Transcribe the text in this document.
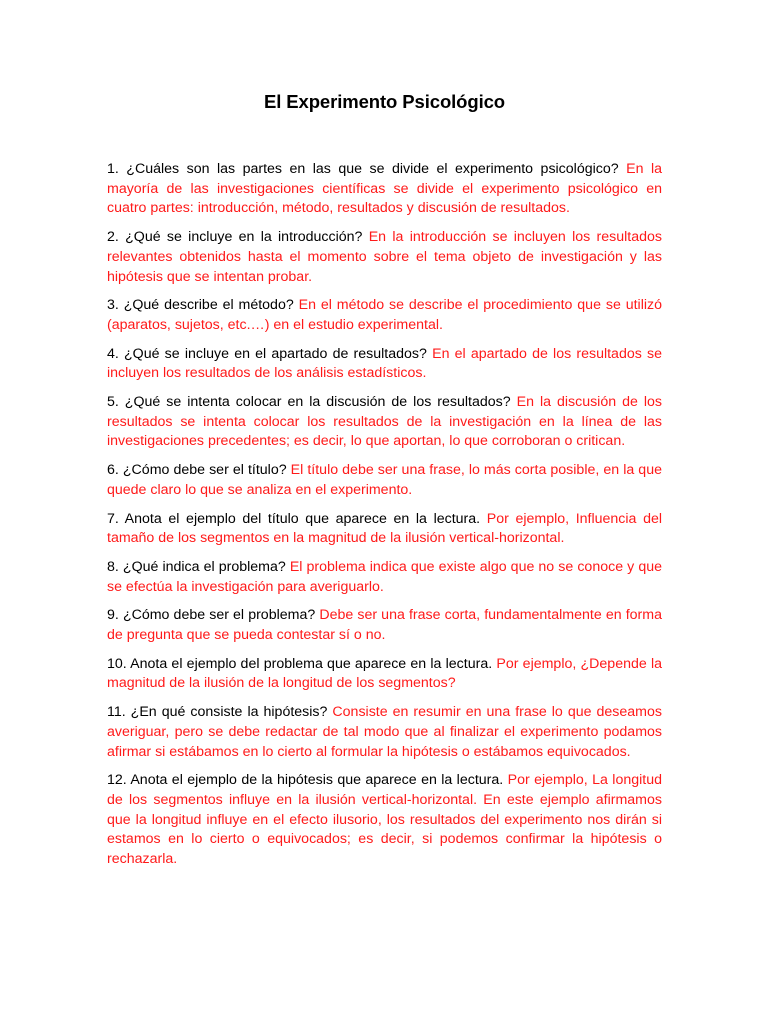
El Experimento Psicológico

1. ¿Cuáles son las partes en las que se divide el experimento psicológico? En la mayoría de las investigaciones científicas se divide el experimento psicológico en cuatro partes: introducción, método, resultados y discusión de resultados.

2. ¿Qué se incluye en la introducción? En la introducción se incluyen los resultados relevantes obtenidos hasta el momento sobre el tema objeto de investigación y las hipótesis que se intentan probar.

3. ¿Qué describe el método? En el método se describe el procedimiento que se utilizó (aparatos, sujetos, etc.…) en el estudio experimental.

4. ¿Qué se incluye en el apartado de resultados? En el apartado de los resultados se incluyen los resultados de los análisis estadísticos.

5. ¿Qué se intenta colocar en la discusión de los resultados? En la discusión de los resultados se intenta colocar los resultados de la investigación en la línea de las investigaciones precedentes; es decir, lo que aportan, lo que corroboran o critican.

6. ¿Cómo debe ser el título? El título debe ser una frase, lo más corta posible, en la que quede claro lo que se analiza en el experimento.

7. Anota el ejemplo del título que aparece en la lectura. Por ejemplo, Influencia del tamaño de los segmentos en la magnitud de la ilusión vertical-horizontal.

8. ¿Qué indica el problema? El problema indica que existe algo que no se conoce y que se efectúa la investigación para averiguarlo.

9. ¿Cómo debe ser el problema? Debe ser una frase corta, fundamentalmente en forma de pregunta que se pueda contestar sí o no.

10. Anota el ejemplo del problema que aparece en la lectura. Por ejemplo, ¿Depende la magnitud de la ilusión de la longitud de los segmentos?

11. ¿En qué consiste la hipótesis? Consiste en resumir en una frase lo que deseamos averiguar, pero se debe redactar de tal modo que al finalizar el experimento podamos afirmar si estábamos en lo cierto al formular la hipótesis o estábamos equivocados.

12. Anota el ejemplo de la hipótesis que aparece en la lectura. Por ejemplo, La longitud de los segmentos influye en la ilusión vertical-horizontal. En este ejemplo afirmamos que la longitud influye en el efecto ilusorio, los resultados del experimento nos dirán si estamos en lo cierto o equivocados; es decir, si podemos confirmar la hipótesis o rechazarla.
